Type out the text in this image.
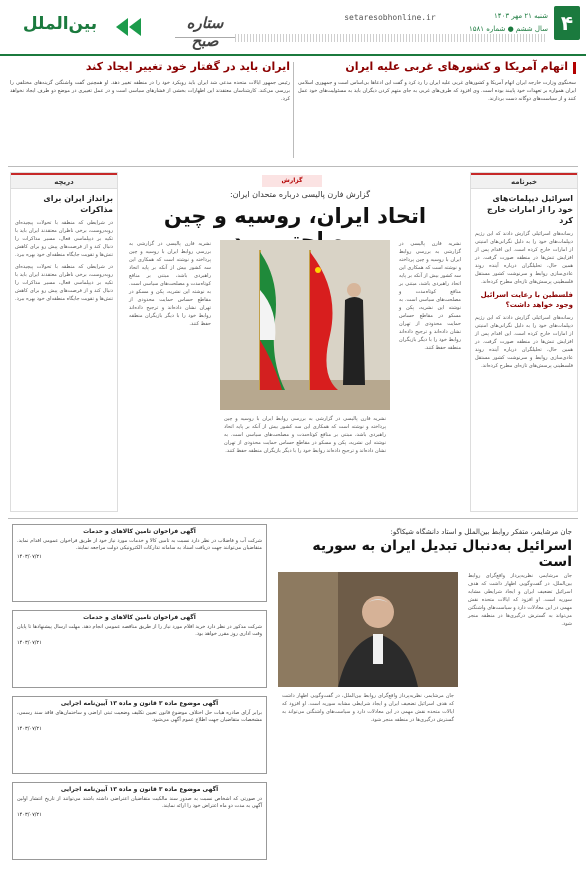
۴
شنبه ۲۱ مهر ۱۴۰۳
سال ششم ● شماره ۱۵۸۱
setaresobhonline.ir
ستاره صبح
بین‌الملل
اتهام آمریکا و کشورهای غربی علیه ایران
سخنگوی وزارت خارجه ایران اتهام آمریکا و کشورهای غربی علیه ایران را رد کرد و گفت این ادعاها بی‌اساس است و جمهوری اسلامی ایران همواره بر تعهدات خود پایبند بوده است. وی افزود که طرف‌های غربی به جای متهم کردن دیگران باید به مسئولیت‌های خود عمل کنند و از سیاست‌های دوگانه دست بردارند.
ایران باید در گفتار خود تغییر ایجاد کند
رئیس جمهور ایالات متحده مدعی شد ایران باید رویکرد خود را در منطقه تغییر دهد. او همچنین گفت واشنگتن گزینه‌های مختلفی را بررسی می‌کند. کارشناسان معتقدند این اظهارات بخشی از فشارهای سیاسی است و در عمل تغییری در موضع دو طرف ایجاد نخواهد کرد.
خبرنامه
اسرائیل دیپلمات‌های خود را از امارات خارج کرد
رسانه‌های اسرائیلی گزارش دادند که این رژیم دیپلمات‌های خود را به دلیل نگرانی‌های امنیتی از امارات خارج کرده است. این اقدام پس از افزایش تنش‌ها در منطقه صورت گرفت. در همین حال، تحلیلگران درباره آینده روند عادی‌سازی روابط و سرنوشت کشور مستقل فلسطینی پرسش‌های تازه‌ای مطرح کرده‌اند.
فلسطین با رعایت اسرائیل وجود خواهد داشت؟
رسانه‌های اسرائیلی گزارش دادند که این رژیم دیپلمات‌های خود را به دلیل نگرانی‌های امنیتی از امارات خارج کرده است. این اقدام پس از افزایش تنش‌ها در منطقه صورت گرفت. در همین حال، تحلیلگران درباره آینده روند عادی‌سازی روابط و سرنوشت کشور مستقل فلسطینی پرسش‌های تازه‌ای مطرح کرده‌اند.
دریچه
برانداز ایران برای مذاکرات
در شرایطی که منطقه با تحولات پیچیده‌ای روبه‌روست، برخی ناظران معتقدند ایران باید با تکیه بر دیپلماسی فعال، مسیر مذاکرات را دنبال کند و از فرصت‌های پیش رو برای کاهش تنش‌ها و تقویت جایگاه منطقه‌ای خود بهره ببرد.
در شرایطی که منطقه با تحولات پیچیده‌ای روبه‌روست، برخی ناظران معتقدند ایران باید با تکیه بر دیپلماسی فعال، مسیر مذاکرات را دنبال کند و از فرصت‌های پیش رو برای کاهش تنش‌ها و تقویت جایگاه منطقه‌ای خود بهره ببرد.
گزارش
گزارش فارن پالیسی درباره متحدان ایران:
اتحاد ایران، روسیه و چین
نشریه فارن پالیسی در گزارشی به بررسی روابط ایران با روسیه و چین پرداخته و نوشته است که همکاری این سه کشور بیش از آنکه بر پایه اتحاد راهبردی باشد، مبتنی بر منافع کوتاه‌مدت و مصلحت‌های سیاسی است. به نوشته این نشریه، پکن و مسکو در مقاطع حساس حمایت محدودی از تهران نشان داده‌اند و ترجیح داده‌اند روابط خود را با دیگر بازیگران منطقه حفظ کنند.
نشریه فارن پالیسی در گزارشی به بررسی روابط ایران با روسیه و چین پرداخته و نوشته است که همکاری این سه کشور بیش از آنکه بر پایه اتحاد راهبردی باشد، مبتنی بر منافع کوتاه‌مدت و مصلحت‌های سیاسی است. به نوشته این نشریه، پکن و مسکو در مقاطع حساس حمایت محدودی از تهران نشان داده‌اند و ترجیح داده‌اند روابط خود را با دیگر بازیگران منطقه حفظ کنند.
نشریه فارن پالیسی در گزارشی به بررسی روابط ایران با روسیه و چین پرداخته و نوشته است که همکاری این سه کشور بیش از آنکه بر پایه اتحاد راهبردی باشد، مبتنی بر منافع کوتاه‌مدت و مصلحت‌های سیاسی است. به نوشته این نشریه، پکن و مسکو در مقاطع حساس حمایت محدودی از تهران نشان داده‌اند و ترجیح داده‌اند روابط خود را با دیگر بازیگران منطقه حفظ کنند.
آگهی فراخوان تامین کالاهای و خدمات
شرکت آب و فاضلاب در نظر دارد نسبت به تامین کالا و خدمات مورد نیاز خود از طریق فراخوان عمومی اقدام نماید. متقاضیان می‌توانند جهت دریافت اسناد به سامانه تدارکات الکترونیکی دولت مراجعه نمایند.
۱۴۰۳/۰۷/۲۱
آگهی فراخوان تامین کالاهای و خدمات
شرکت مذکور در نظر دارد خرید اقلام مورد نیاز را از طریق مناقصه عمومی انجام دهد. مهلت ارسال پیشنهادها تا پایان وقت اداری روز مقرر خواهد بود.
۱۴۰۳/۰۷/۲۱
آگهی موضوع ماده ۳ قانون و ماده ۱۳ آیین‌نامه اجرایی
برابر آرای صادره هیات حل اختلاف موضوع قانون تعیین تکلیف وضعیت ثبتی اراضی و ساختمان‌های فاقد سند رسمی، مشخصات متقاضیان جهت اطلاع عموم آگهی می‌شود.
۱۴۰۳/۰۷/۲۱
آگهی موضوع ماده ۳ قانون و ماده ۱۳ آیین‌نامه اجرایی
در صورتی که اشخاص نسبت به صدور سند مالکیت متقاضیان اعتراضی داشته باشند می‌توانند از تاریخ انتشار اولین آگهی به مدت دو ماه اعتراض خود را ارائه نمایند.
۱۴۰۳/۰۷/۲۱
جان مرشایمر، متفکر روابط بین‌الملل و استاد دانشگاه شیکاگو:
اسرائیل به‌دنبال تبدیل ایران به سوریه است
جان مرشایمر، نظریه‌پرداز واقع‌گرای روابط بین‌الملل، در گفت‌وگویی اظهار داشت که هدف اسرائیل تضعیف ایران و ایجاد شرایطی مشابه سوریه است. او افزود که ایالات متحده نقش مهمی در این معادلات دارد و سیاست‌های واشنگتن می‌تواند به گسترش درگیری‌ها در منطقه منجر شود.
جان مرشایمر، نظریه‌پرداز واقع‌گرای روابط بین‌الملل، در گفت‌وگویی اظهار داشت که هدف اسرائیل تضعیف ایران و ایجاد شرایطی مشابه سوریه است. او افزود که ایالات متحده نقش مهمی در این معادلات دارد و سیاست‌های واشنگتن می‌تواند به گسترش درگیری‌ها در منطقه منجر شود.
